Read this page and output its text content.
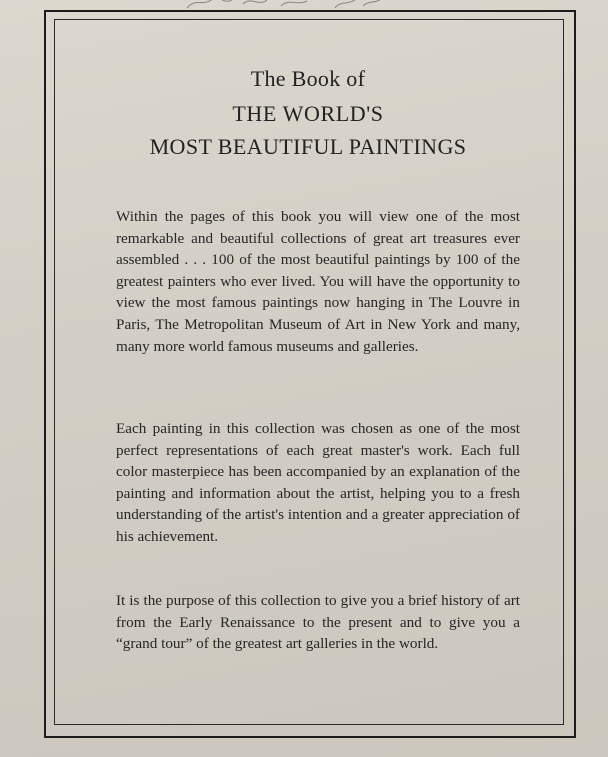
The Book of
THE WORLD'S
MOST BEAUTIFUL PAINTINGS

Within the pages of this book you will view one of the most remarkable and beautiful collections of great art treasures ever assembled . . . 100 of the most beautiful paintings by 100 of the greatest painters who ever lived. You will have the opportunity to view the most famous paintings now hanging in The Louvre in Paris, The Metropolitan Museum of Art in New York and many, many more world famous museums and galleries.

Each painting in this collection was chosen as one of the most perfect representations of each great master's work. Each full color masterpiece has been accompanied by an explanation of the painting and information about the artist, helping you to a fresh understanding of the artist's intention and a greater appreciation of his achievement.

It is the purpose of this collection to give you a brief history of art from the Early Renaissance to the present and to give you a “grand tour” of the greatest art galleries in the world.
